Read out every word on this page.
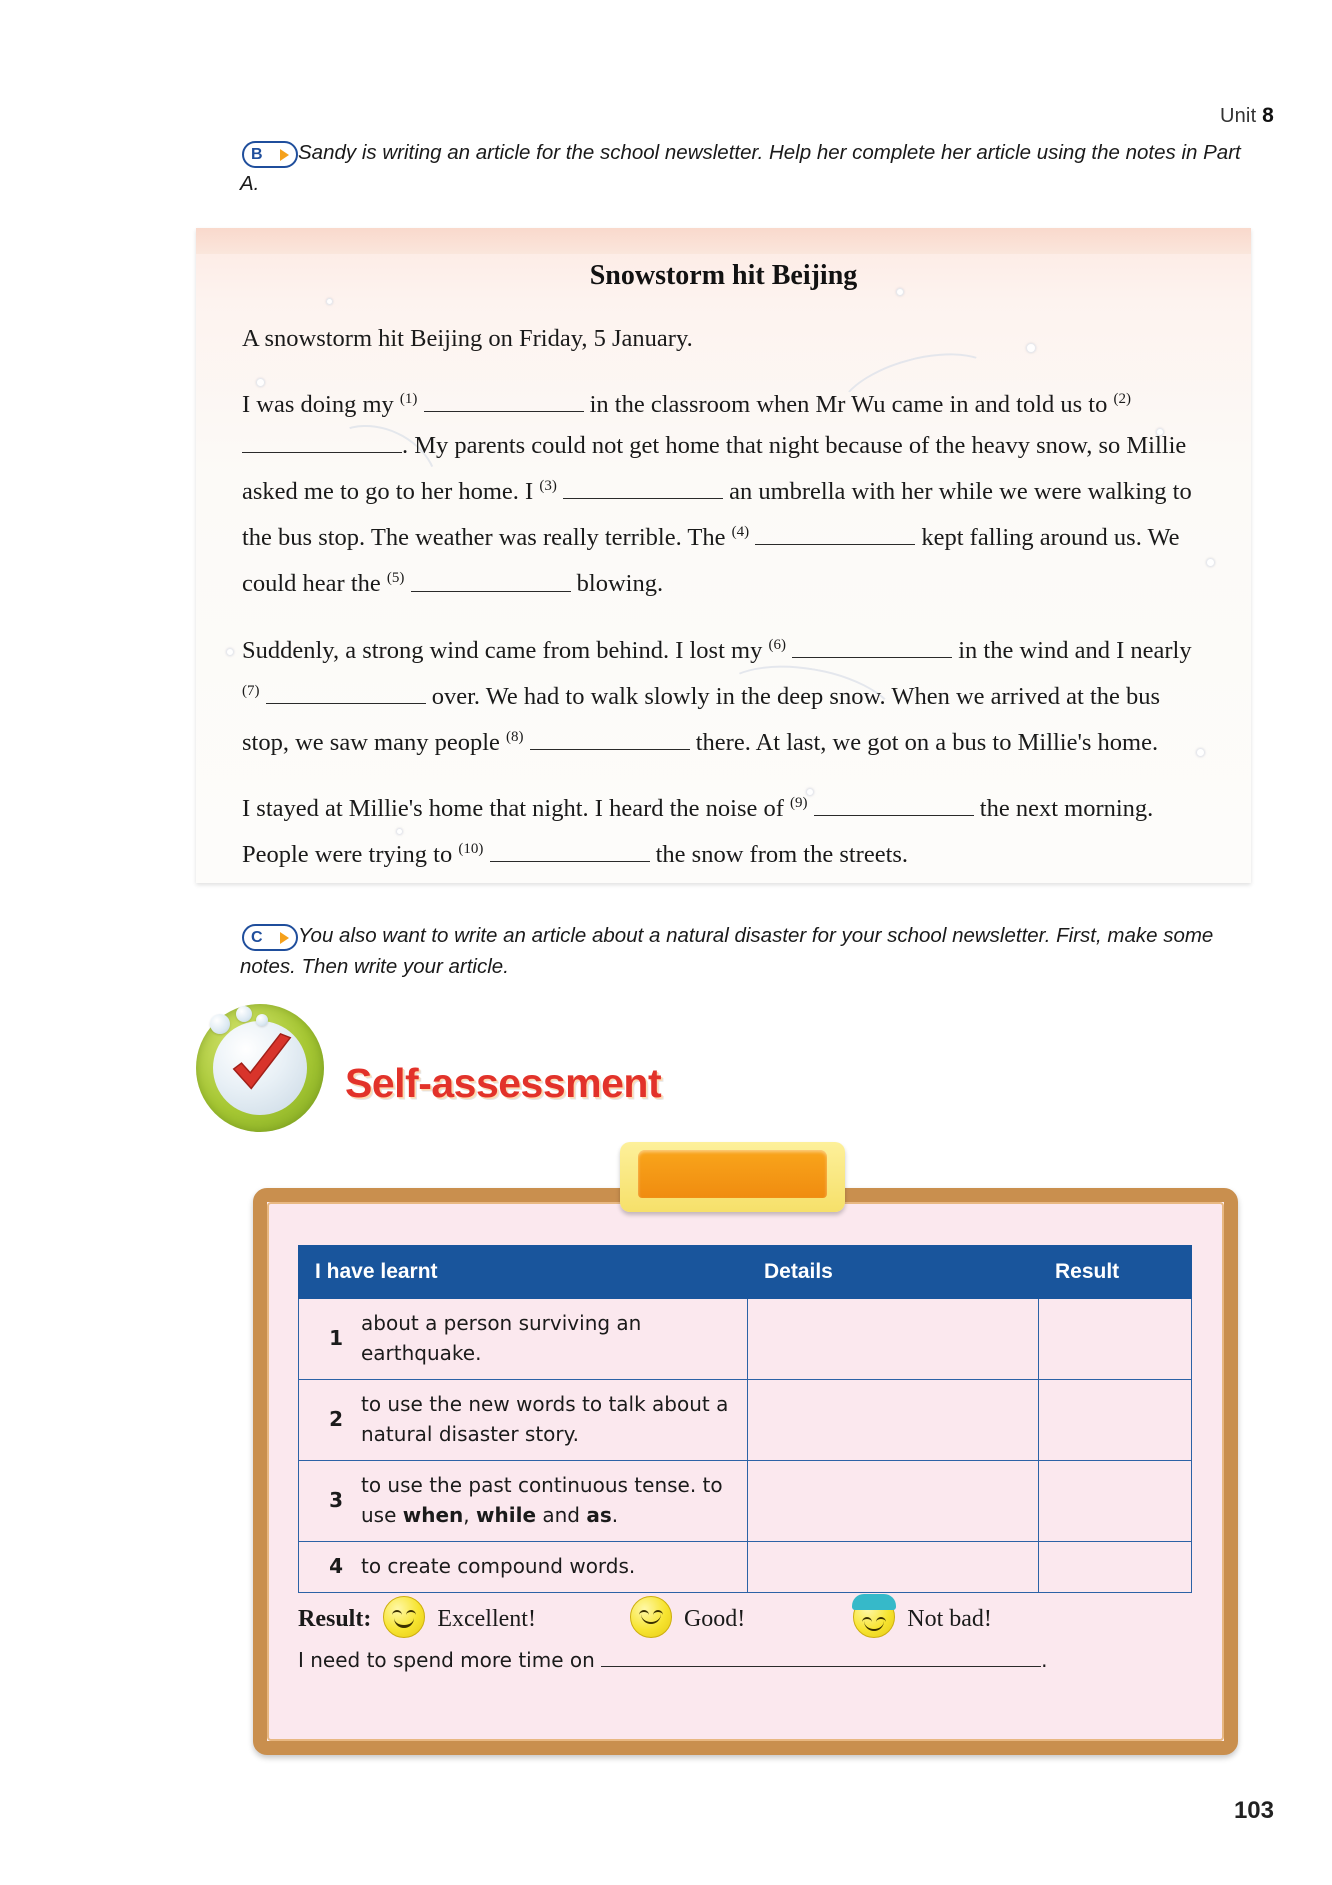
Unit 8
B	Sandy is writing an article for the school newsletter. Help her complete her article using the notes in Part A.
Snowstorm hit Beijing

A snowstorm hit Beijing on Friday, 5 January.

I was doing my $^{(1)}$	in the classroom when Mr Wu came in and told us to $^{(2)}$ . My parents could not get home that night because of the heavy snow, so Millie asked me to go to her home. I $^{(3)}$	an umbrella with her while we were walking to the bus stop. The weather was really terrible. The $^{(4)}$	kept falling around us. We could hear the $^{(5)}$	blowing.

Suddenly, a strong wind came from behind. I lost my $^{(6)}$	in the wind and I nearly $^{(7)}$	over. We had to walk slowly in the deep snow. When we arrived at the bus stop, we saw many people $^{(8)}$	there. At last, we got on a bus to Millie's home.

I stayed at Millie's home that night. I heard the noise of $^{(9)}$	the next morning. People were trying to $^{(10)}$	the snow from the streets.

C	You also want to write an article about a natural disaster for your school newsletter. First, make some notes. Then write your article.
Self-assessment
I have learnt		Details	Result
1	about a person surviving an earthquake.		
2	to use the new words to talk about a natural disaster story.		
3	to use the past continuous tense. to use when, while and as.		
4	to create compound words.		
Result:	Excellent!	Good!	Not bad!
I need to spend more time on	.
103
